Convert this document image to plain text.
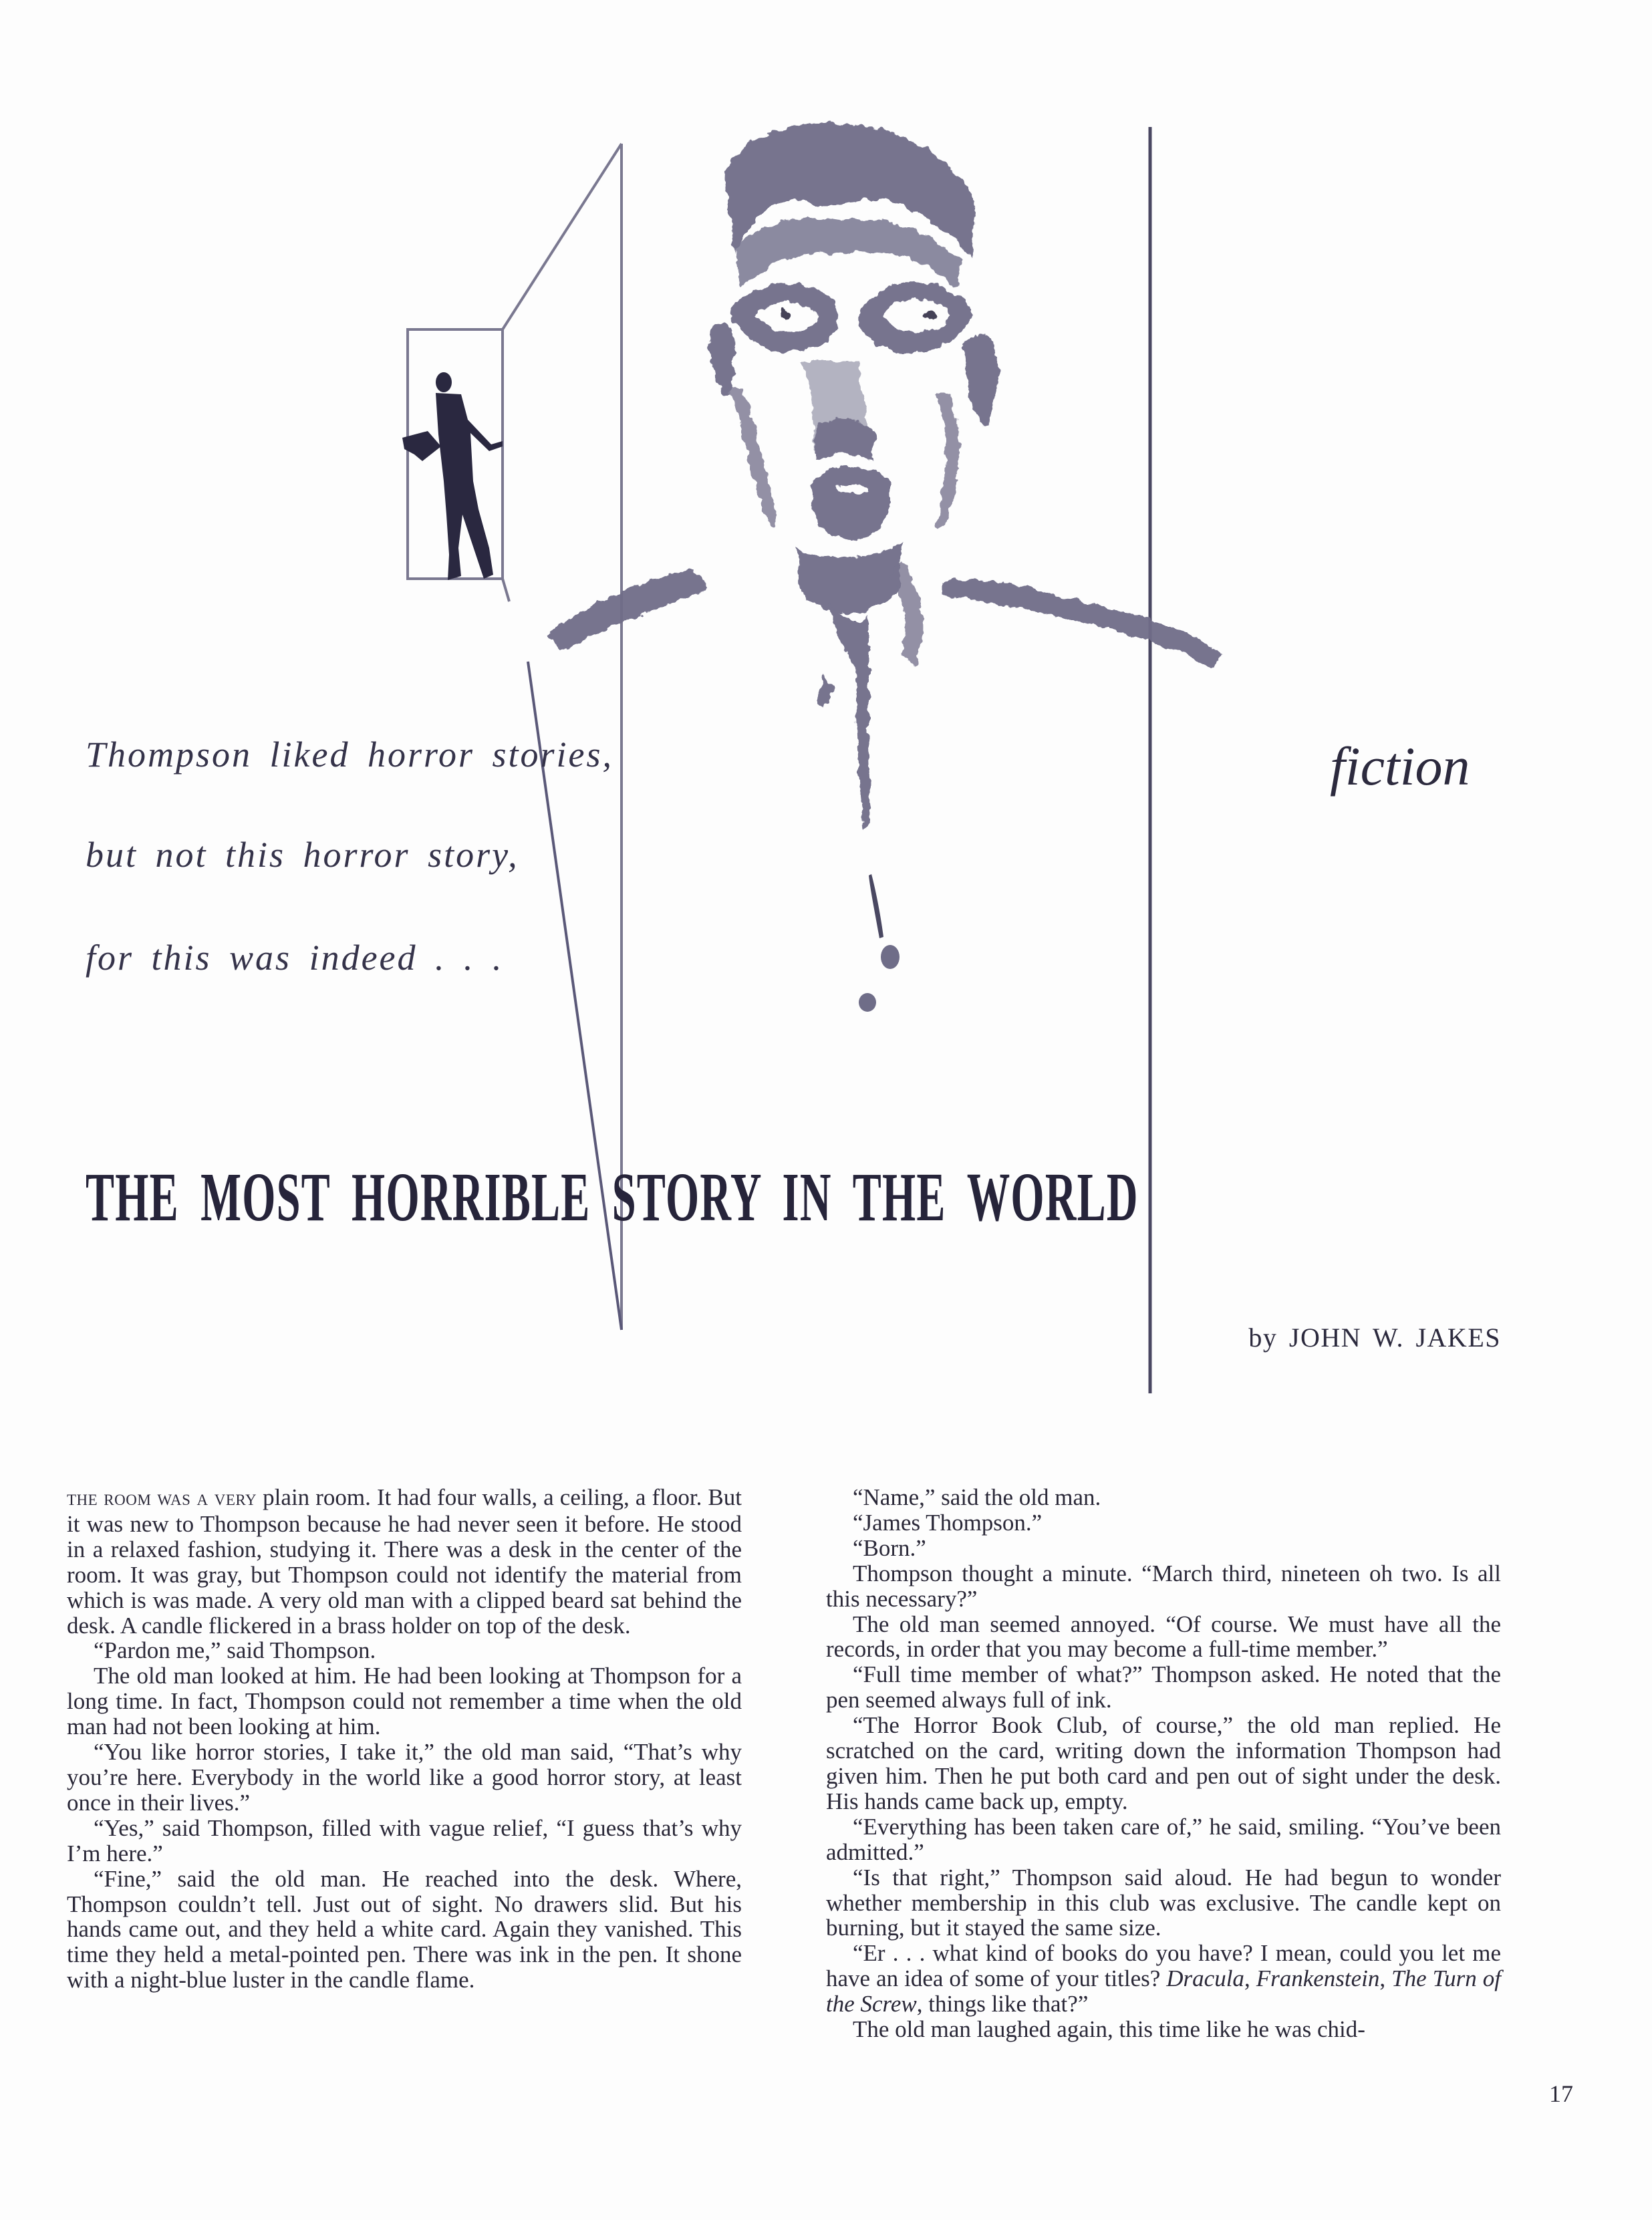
Thompson liked horror stories,
but not this horror story,
for this was indeed . . .
fiction
THE MOST HORRIBLE STORY IN THE WORLD
by JOHN W. JAKES

the room was a very plain room. It had four walls, a ceiling, a floor. But it was new to Thompson because he had never seen it before. He stood in a relaxed fashion, studying it. There was a desk in the center of the room. It was gray, but Thompson could not identify the material from which is was made. A very old man with a clipped beard sat behind the desk. A candle flickered in a brass holder on top of the desk.

“Pardon me,” said Thompson.

The old man looked at him. He had been looking at Thompson for a long time. In fact, Thompson could not remember a time when the old man had not been looking at him.

“You like horror stories, I take it,” the old man said, “That’s why you’re here. Everybody in the world like a good horror story, at least once in their lives.”

“Yes,” said Thompson, filled with vague relief, “I guess that’s why I’m here.”

“Fine,” said the old man. He reached into the desk. Where, Thompson couldn’t tell. Just out of sight. No drawers slid. But his hands came out, and they held a white card. Again they vanished. This time they held a metal-pointed pen. There was ink in the pen. It shone with a night-blue luster in the candle flame.

“Name,” said the old man.

“James Thompson.”

“Born.”

Thompson thought a minute. “March third, nineteen oh two. Is all this necessary?”

The old man seemed annoyed. “Of course. We must have all the records, in order that you may become a full-time member.”

“Full time member of what?” Thompson asked. He noted that the pen seemed always full of ink.

“The Horror Book Club, of course,” the old man replied. He scratched on the card, writing down the information Thompson had given him. Then he put both card and pen out of sight under the desk. His hands came back up, empty.

“Everything has been taken care of,” he said, smiling. “You’ve been admitted.”

“Is that right,” Thompson said aloud. He had begun to wonder whether membership in this club was exclusive. The candle kept on burning, but it stayed the same size.

“Er . . . what kind of books do you have? I mean, could you let me have an idea of some of your titles? Dracula, Frankenstein, The Turn of the Screw, things like that?”

The old man laughed again, this time like he was chid-

17
